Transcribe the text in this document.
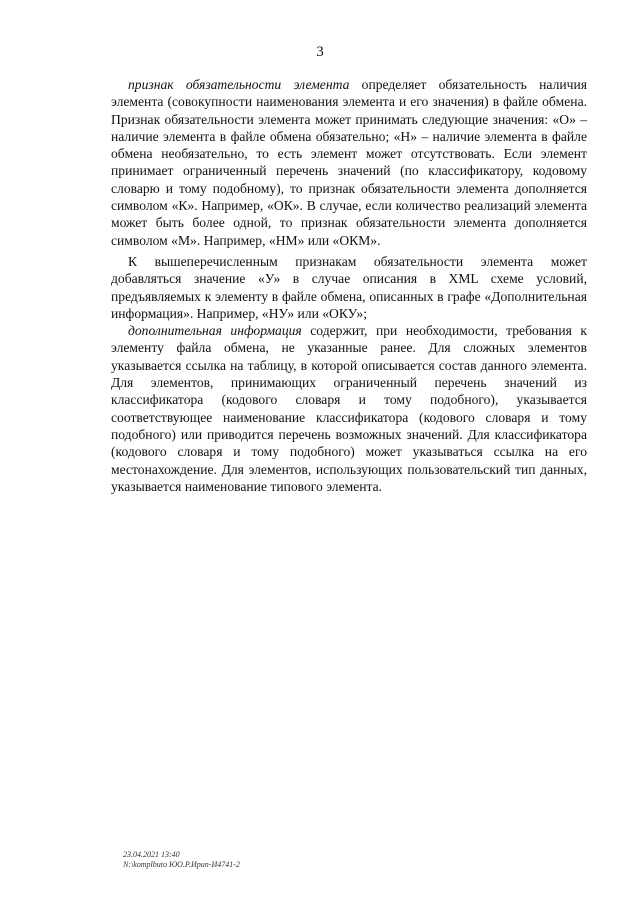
3

признак обязательности элемента определяет обязательность наличия элемента (совокупности наименования элемента и его значения) в файле обмена. Признак обязательности элемента может принимать следующие значения: «О» – наличие элемента в файле обмена обязательно; «Н» – наличие элемента в файле обмена необязательно, то есть элемент может отсутствовать. Если элемент принимает ограниченный перечень значений (по классификатору, кодовому словарю и тому подобному), то признак обязательности элемента дополняется символом «К». Например, «ОК». В случае, если количество реализаций элемента может быть более одной, то признак обязательности элемента дополняется символом «М». Например, «НМ» или «ОКМ».

К вышеперечисленным признакам обязательности элемента может добавляться значение «У» в случае описания в XML схеме условий, предъявляемых к элементу в файле обмена, описанных в графе «Дополнительная информация». Например, «НУ» или «ОКУ»;

дополнительная информация содержит, при необходимости, требования к элементу файла обмена, не указанные ранее. Для сложных элементов указывается ссылка на таблицу, в которой описывается состав данного элемента. Для элементов, принимающих ограниченный перечень значений из классификатора (кодового словаря и тому подобного), указывается соответствующее наименование классификатора (кодового словаря и тому подобного) или приводится перечень возможных значений. Для классификатора (кодового словаря и тому подобного) может указываться ссылка на его местонахождение. Для элементов, использующих пользовательский тип данных, указывается наименование типового элемента.

23.04.2021 13:40
N:\komplbuto ЮО.Р.Ирип-И4741-2
